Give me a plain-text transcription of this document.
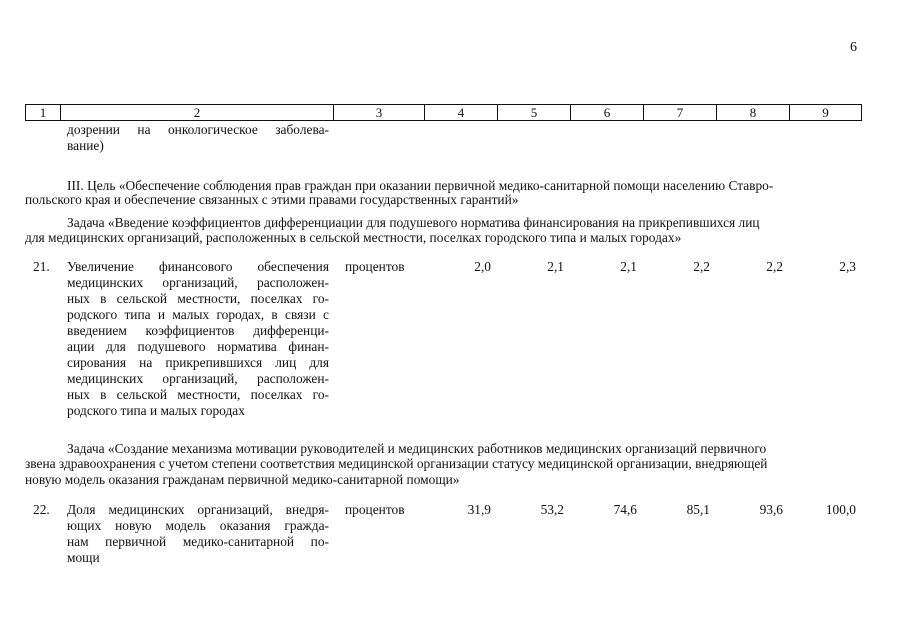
6
1	2	3	4	5	6	7	8	9
дозрении на онкологическое заболева-
вание)
III. Цель «Обеспечение соблюдения прав граждан при оказании первичной медико-санитарной помощи населению Ставро-
польского края и обеспечение связанных с этими правами государственных гарантий»
Задача «Введение коэффициентов дифференциации для подушевого норматива финансирования на прикрепившихся лиц
для медицинских организаций, расположенных в сельской местности, поселках городского типа и малых городах»
21. Увеличение финансового обеспечения
медицинских организаций, расположен-
ных в сельской местности, поселках го-
родского типа и малых городах, в связи с
введением коэффициентов дифференци-
ации для подушевого норматива финан-
сирования на прикрепившихся лиц для
медицинских организаций, расположен-
ных в сельской местности, поселках го-
родского типа и малых городах
процентов	2,0	2,1	2,1	2,2	2,2	2,3
Задача «Создание механизма мотивации руководителей и медицинских работников медицинских организаций первичного
звена здравоохранения с учетом степени соответствия медицинской организации статусу медицинской организации, внедряющей
новую модель оказания гражданам первичной медико-санитарной помощи»
22. Доля медицинских организаций, внедря-
ющих новую модель оказания гражда-
нам первичной медико-санитарной по-
мощи
процентов	31,9	53,2	74,6	85,1	93,6	100,0
